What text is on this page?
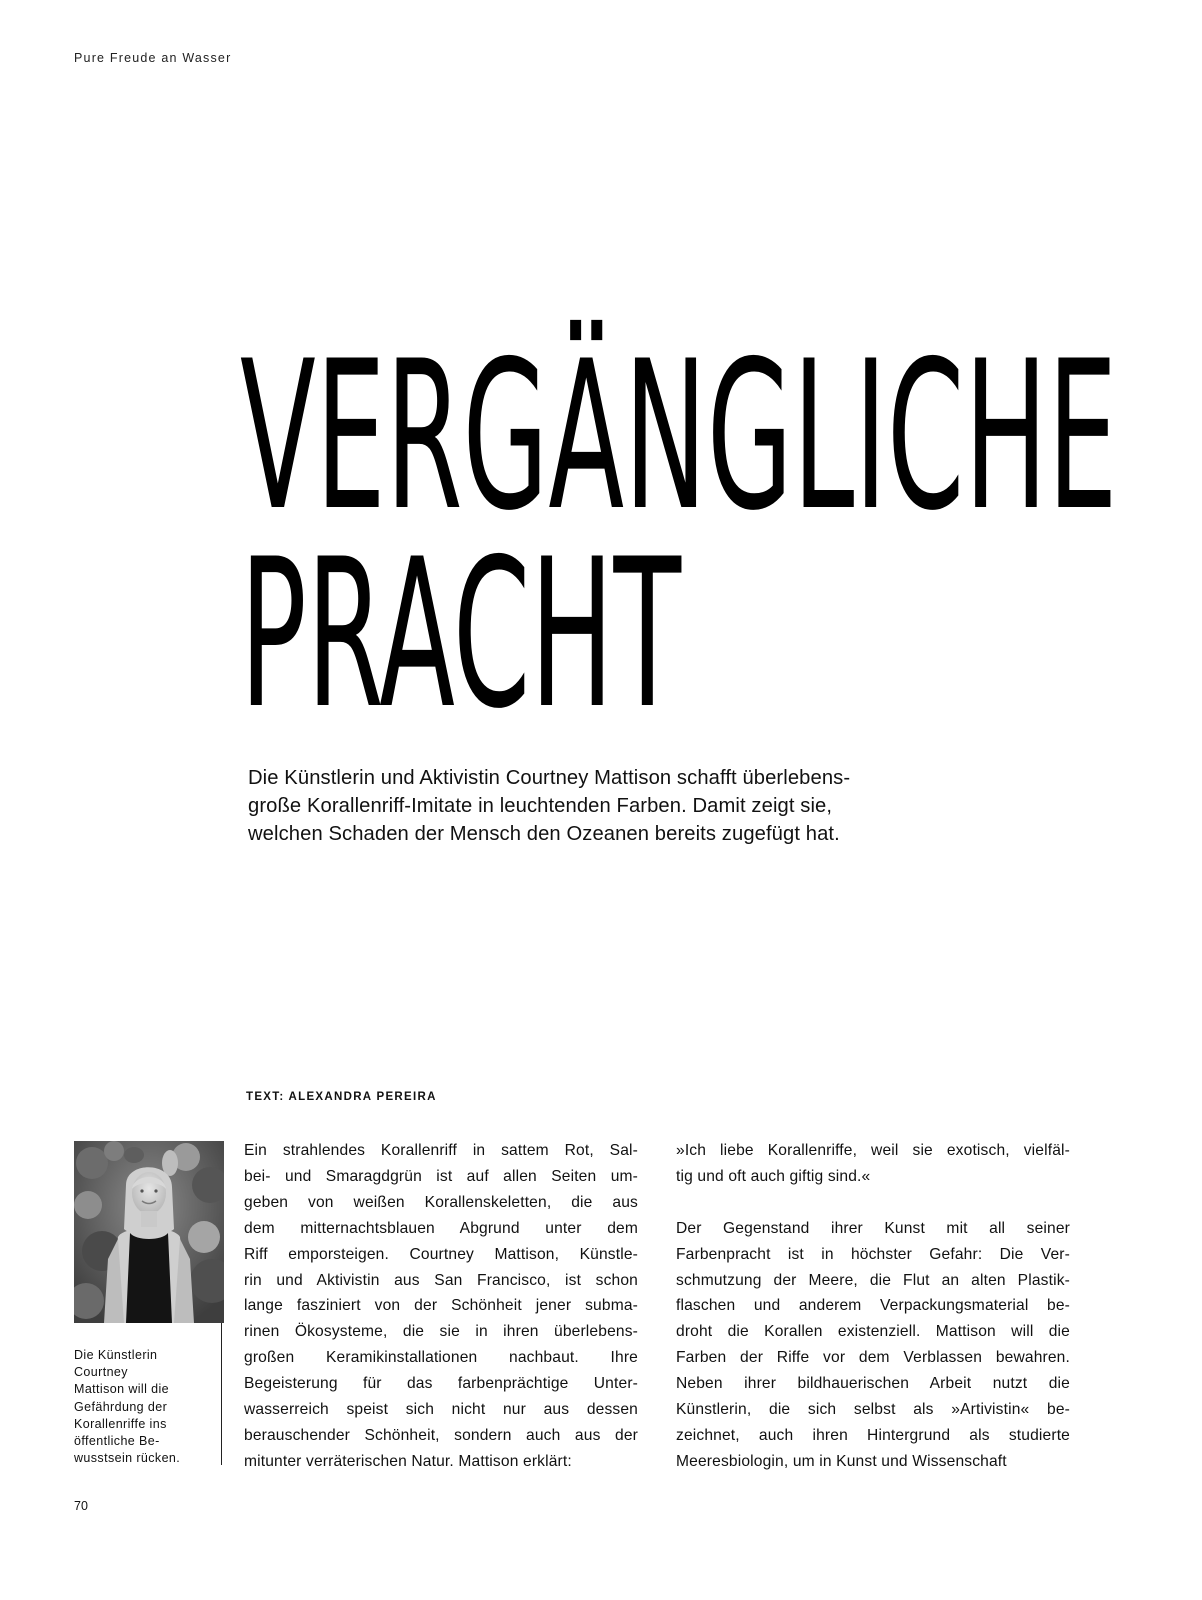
Pure Freude an Wasser
VERGÄNGLICHE
PRACHT

Die Künstlerin und Aktivistin Courtney Mattison schafft überlebens-
große Korallenriff-Imitate in leuchtenden Farben. Damit zeigt sie,
welchen Schaden der Mensch den Ozeanen bereits zugefügt hat.

TEXT: ALEXANDRA PEREIRA

Die Künstlerin
Courtney
Mattison will die
Gefährdung der
Korallenriffe ins
öffentliche Be-
wusstsein rücken.

Ein strahlendes Korallenriff in sattem Rot, Sal-
bei- und Smaragdgrün ist auf allen Seiten um-
geben von weißen Korallenskeletten, die aus
dem mitternachtsblauen Abgrund unter dem
Riff emporsteigen. Courtney Mattison, Künstle-
rin und Aktivistin aus San Francisco, ist schon
lange fasziniert von der Schönheit jener subma-
rinen Ökosysteme, die sie in ihren überlebens-
großen Keramikinstallationen nachbaut. Ihre
Begeisterung für das farbenprächtige Unter-
wasserreich speist sich nicht nur aus dessen
berauschender Schönheit, sondern auch aus der
mitunter verräterischen Natur. Mattison erklärt:
»Ich liebe Korallenriffe, weil sie exotisch, vielfäl-
tig und oft auch giftig sind.«
Der Gegenstand ihrer Kunst mit all seiner
Farbenpracht ist in höchster Gefahr: Die Ver-
schmutzung der Meere, die Flut an alten Plastik-
flaschen und anderem Verpackungsmaterial be-
droht die Korallen existenziell. Mattison will die
Farben der Riffe vor dem Verblassen bewahren.
Neben ihrer bildhauerischen Arbeit nutzt die
Künstlerin, die sich selbst als »Artivistin« be-
zeichnet, auch ihren Hintergrund als studierte
Meeresbiologin, um in Kunst und Wissenschaft
70
